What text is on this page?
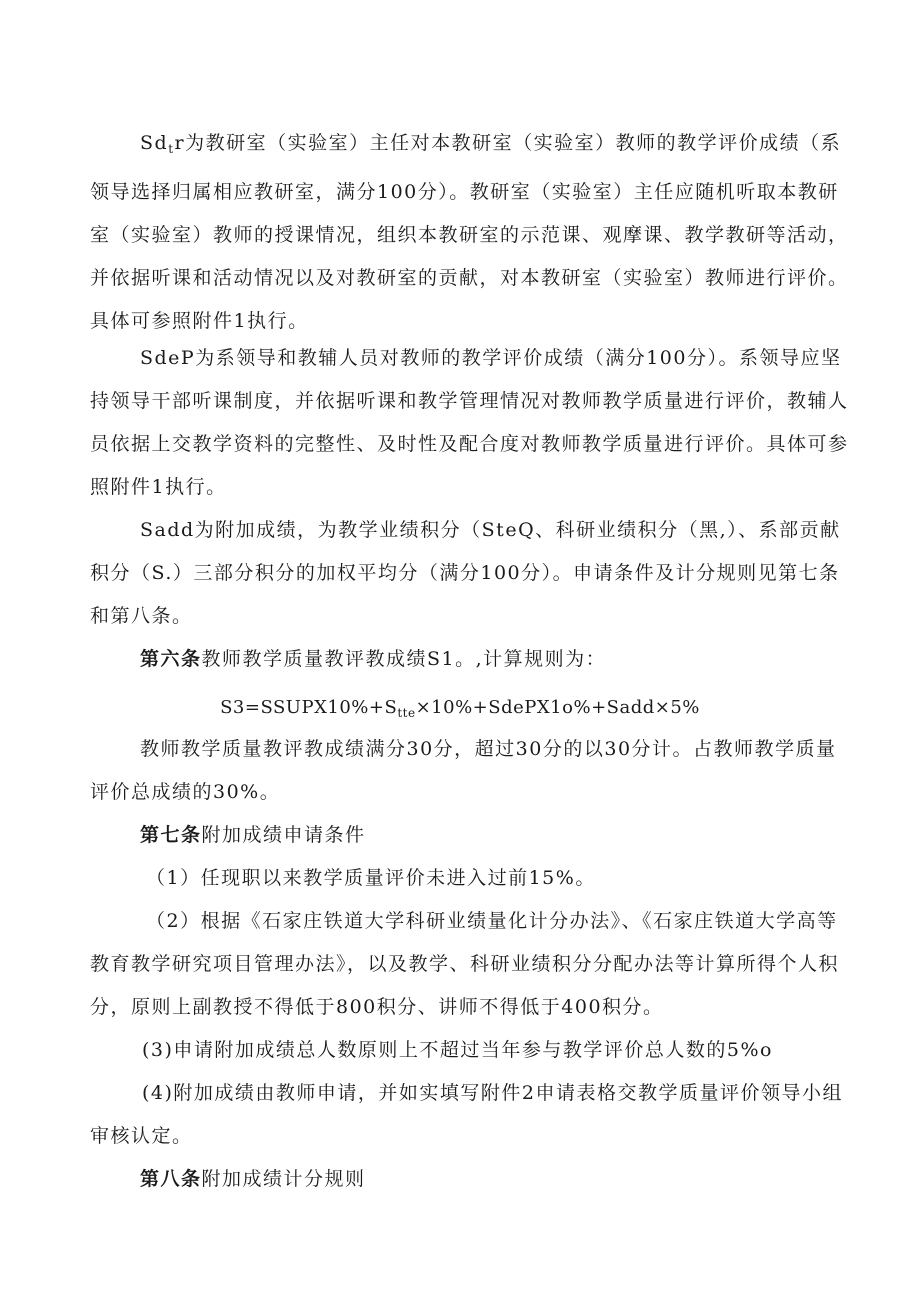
$Sd_tr$为教研室（实验室）主任对本教研室（实验室）教师的教学评价成绩（系领导选择归属相应教研室，满分100分）。教研室（实验室）主任应随机听取本教研室（实验室）教师的授课情况，组织本教研室的示范课、观摩课、教学教研等活动，并依据听课和活动情况以及对教研室的贡献，对本教研室（实验室）教师进行评价。具体可参照附件1执行。

SdeP为系领导和教辅人员对教师的教学评价成绩（满分100分）。系领导应坚持领导干部听课制度，并依据听课和教学管理情况对教师教学质量进行评价，教辅人员依据上交教学资料的完整性、及时性及配合度对教师教学质量进行评价。具体可参照附件1执行。

Sadd为附加成绩，为教学业绩积分（SteQ、科研业绩积分（黑,）、系部贡献积分（S.）三部分积分的加权平均分（满分100分）。申请条件及计分规则见第七条和第八条。

第六条教师教学质量教评教成绩S1。,计算规则为：

$S3=SSUPX10\%+S_{tte}\times 10\%+SdePX1o\%+Sadd\times 5\%$

教师教学质量教评教成绩满分30分，超过30分的以30分计。占教师教学质量评价总成绩的30%。

第七条附加成绩申请条件

（1）任现职以来教学质量评价未进入过前15%。

（2）根据《石家庄铁道大学科研业绩量化计分办法》、《石家庄铁道大学高等教育教学研究项目管理办法》，以及教学、科研业绩积分分配办法等计算所得个人积分，原则上副教授不得低于800积分、讲师不得低于400积分。

(3)申请附加成绩总人数原则上不超过当年参与教学评价总人数的5%o

(4)附加成绩由教师申请，并如实填写附件2申请表格交教学质量评价领导小组审核认定。

第八条附加成绩计分规则
